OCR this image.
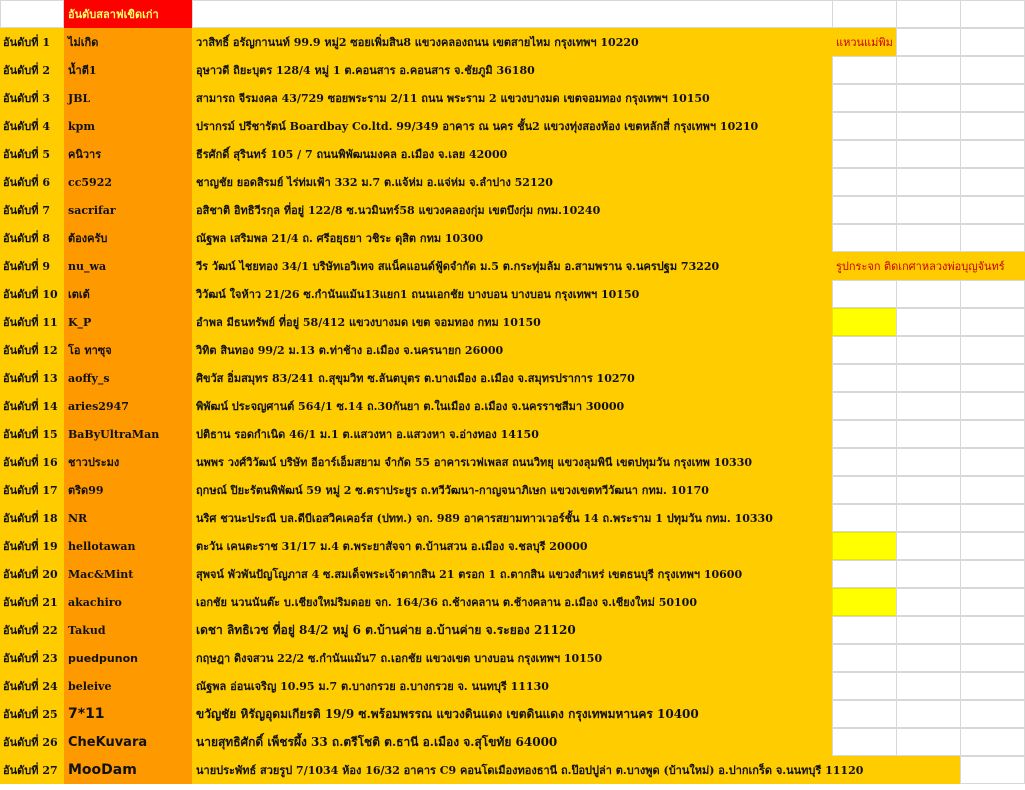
อันดับสลาฟเขิดเก่า
อันดับที่ 1	ไม่เกิด	วาสิทธิ์ อรัญกานนท์ 99.9 หมู่2 ซอยเพิ่มสิน8 แขวงคลองถนน เขตสายไหม กรุงเทพฯ 10220	แหวนแม่พิม
อันดับที่ 2	น้ำตี1	อุษาวดี ถิยะบุตร 128/4 หมู่ 1 ต.คอนสาร อ.คอนสาร จ.ชัยภูมิ 36180
อันดับที่ 3	JBL	สามารถ จีรมงคล 43/729 ซอยพระราม 2/11 ถนน พระราม 2 แขวงบางมด เขตจอมทอง กรุงเทพฯ 10150
อันดับที่ 4	kpm	ปรากรม์ ปรีชารัตน์ Boardbay Co.ltd. 99/349 อาคาร ณ นคร ชั้น2 แขวงทุ่งสองห้อง เขตหลักสี่ กรุงเทพฯ 10210
อันดับที่ 5	คนิวาร	ธีรศักดิ์ สุรินทร์ 105 / 7 ถนนพิพัฒนมงคล อ.เมือง จ.เลย 42000
อันดับที่ 6	cc5922	ชาญชัย ยอดสิรมย์ ไร่ท่มเฟ้า 332 ม.7 ต.แจ้ห่ม อ.แจ่ห่ม จ.ลำปาง 52120
อันดับที่ 7	sacrifar	อสิชาติ อิทธิวีรกุล ที่อยู่ 122/8 ซ.นวมินทร์58 แขวงคลองกุ่ม เขตบึงกุ่ม กทม.10240
อันดับที่ 8	ต้องครับ	ณัฐพล เสริมพล 21/4 ถ. ศรีอยุธยา วชิระ ดุสิต กทม 10300
อันดับที่ 9	nu_wa	วีร วัฒน์ ไชยทอง 34/1 บริษัทเอวิเทจ สแน็คแอนด์ฟู้ดจำกัด ม.5 ต.กระทุ่มล้ม อ.สามพราน จ.นครปฐม 73220	รูปกระจก ติดเกศาหลวงพ่อบุญจันทร์
อันดับที่ 10 เตเต้	วิวัฒน์ ใจห้าว 21/26 ซ.กำนันแม้น13แยก1 ถนนเอกชัย บางบอน บางบอน กรุงเทพฯ 10150
อันดับที่ 11 K_P	อำพล มีธนทรัพย์ ที่อยู่ 58/412 แขวงบางมด เขต จอมทอง กทม 10150
อันดับที่ 12 โอ ทาซุจ	วิทิต สินทอง 99/2 ม.13 ต.ท่าช้าง อ.เมือง จ.นครนายก 26000
อันดับที่ 13 aoffy_s	ศิขวัส อิ่มสมุทร 83/241 ถ.สุขุมวิท ซ.ลันตบุตร ต.บางเมือง อ.เมือง จ.สมุทรปราการ 10270
อันดับที่ 14 aries2947	พิพัฒน์ ประจญศานต์ 564/1 ซ.14 ถ.30กันยา ต.ในเมือง อ.เมือง จ.นครราชสีมา 30000
อันดับที่ 15 BaByUltraMan	ปติธาน รอดกำเนิด 46/1 ม.1 ต.แสวงหา อ.แสวงหา จ.อ่างทอง 14150
อันดับที่ 16 ชาวประมง	นพพร วงศ์วิวัฒน์ บริษัท อีอาร์เอ็มสยาม จำกัด 55 อาคารเวฟเพลส ถนนวิทยุ แขวงลุมพินี เขตปทุมวัน กรุงเทพ 10330
อันดับที่ 17 ตริด99	ฤกษณ์ ปิยะรัตนพิพัฒน์ 59 หมู่ 2 ซ.ตราประยูร ถ.ทวีวัฒนา-กาญจนาภิเษก แขวงเขตทวีวัฒนา กทม. 10170
อันดับที่ 18 NR	นริศ ชวนะประณี บล.ดีบีเอสวิคเคอร์ส (ปทท.) จก. 989 อาคารสยามทาวเวอร์ชั้น 14 ถ.พระราม 1 ปทุมวัน กทม. 10330
อันดับที่ 19 hellotawan	ตะวัน เคนตะราช 31/17 ม.4 ต.พระยาสัจจา ต.บ้านสวน อ.เมือง จ.ชลบุรี 20000
อันดับที่ 20 Mac&Mint	สุพจน์ พัวพันปัญโญภาส 4 ซ.สมเด็จพระเจ้าตากสิน 21 ตรอก 1 ถ.ตากสิน แขวงสำเหร่ เขตธนบุรี กรุงเทพฯ 10600
อันดับที่ 21 akachiro	เอกชัย นวนนันต๊ะ บ.เชียงใหม่ริมดอย จก. 164/36 ถ.ช้างคลาน ต.ช้างคลาน อ.เมือง จ.เชียงใหม่ 50100
อันดับที่ 22 Takud	เดชา ลิทธิเวช ที่อยู่ 84/2 หมู่ 6 ต.บ้านค่าย อ.บ้านค่าย จ.ระยอง 21120
อันดับที่ 23 puedpunon	กฤษฎา ดิงจสวน 22/2 ซ.กำนันแม้น7 ถ.เอกชัย แขวงเขต บางบอน กรุงเทพฯ 10150
อันดับที่ 24 beleive	ณัฐพล อ่อนเจริญ 10.95 ม.7 ต.บางกรวย อ.บางกรวย จ. นนทบุรี 11130
อันดับที่ 25 7*11	ขวัญชัย หิรัญอุดมเกียรติ 19/9 ซ.พร้อมพรรณ แขวงดินแดง เขตดินแดง กรุงเทพมหานคร 10400
อันดับที่ 26 CheKuvara	นายสุทธิศักดิ์ เพ็ชรผึ้ง 33 ถ.ตรีโชติ ต.ธานี อ.เมือง จ.สุโขทัย 64000
อันดับที่ 27 MooDam	นายประพัทธ์ สวยรูป 7/1034 ห้อง 16/32 อาคาร C9 คอนโดเมืองทองธานี ถ.ป๊อปปูล่า ต.บางพูด (บ้านใหม่) อ.ปากเกร็ด จ.นนทบุรี 11120
